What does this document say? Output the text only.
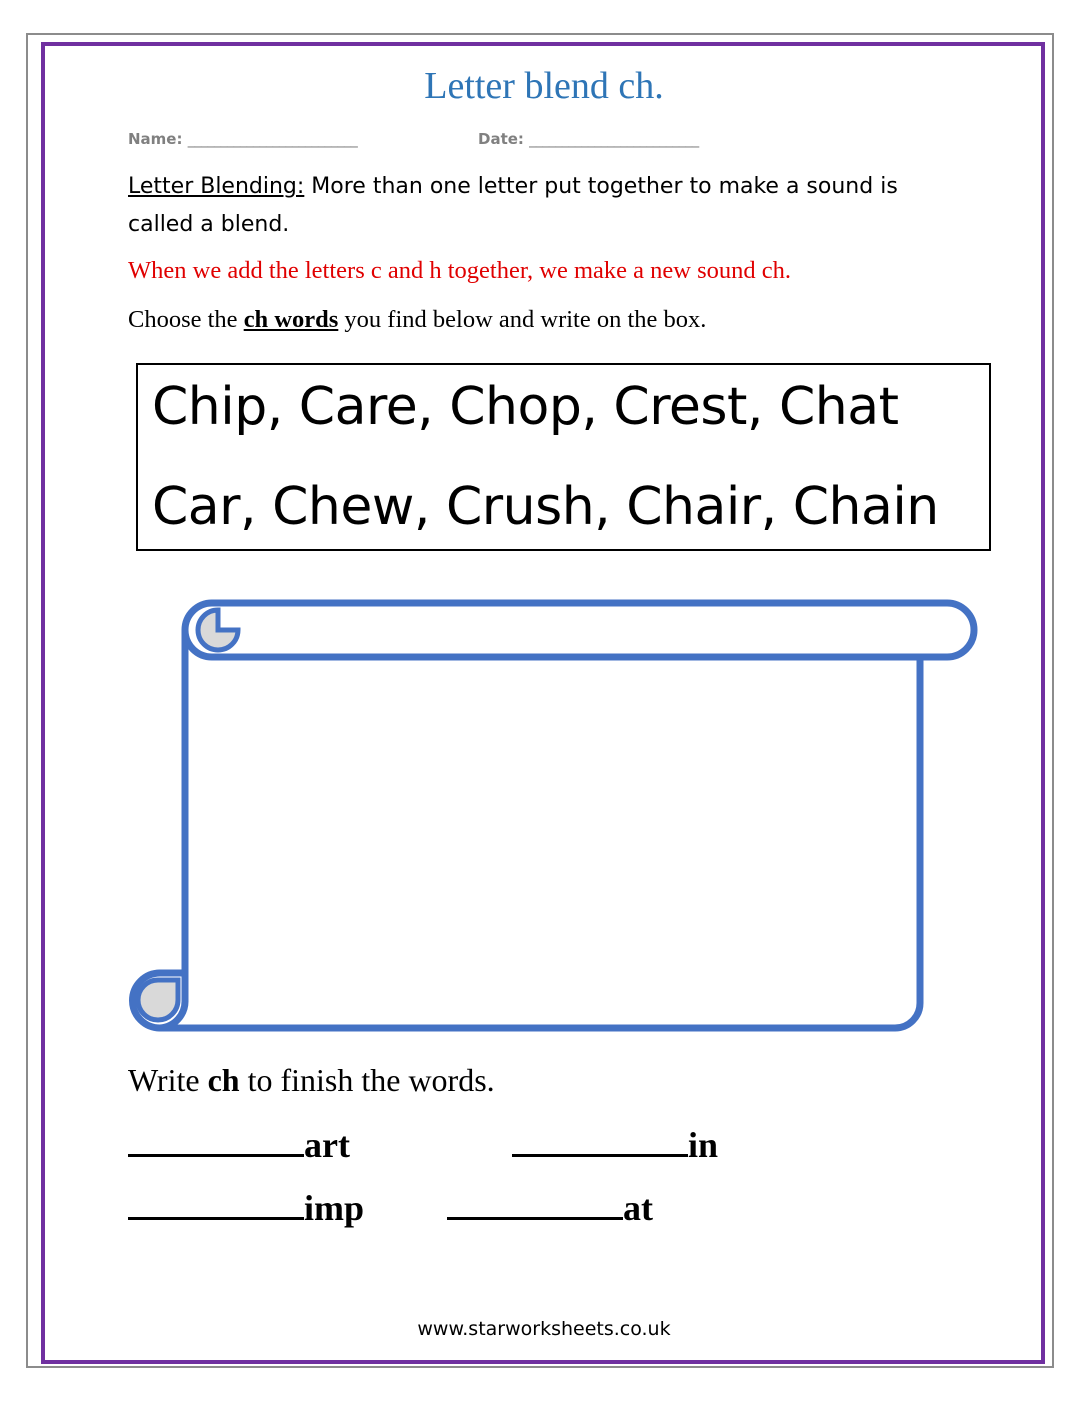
Letter blend ch.
Name: __________________________	Date: __________________________
Letter Blending: More than one letter put together to make a sound is called a blend.
When we add the letters c and h together, we make a new sound ch.
Choose the ch words you find below and write on the box.
Chip, Care, Chop, Crest, Chat
Car, Chew, Crush, Chair, Chain
Write ch to finish the words.
art	in
imp	at
www.starworksheets.co.uk
